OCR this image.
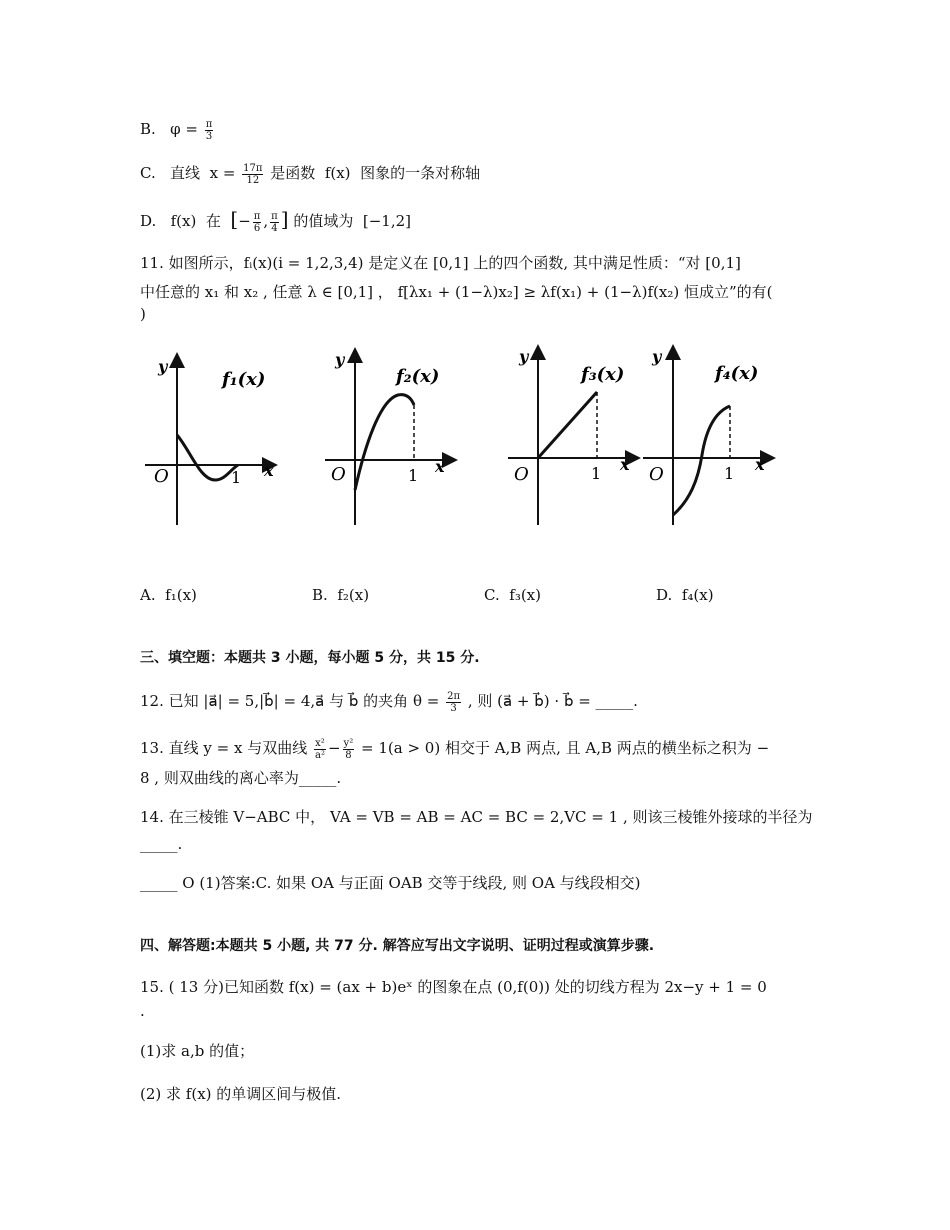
B. $\varphi = \frac{\pi}{3}$
C. 直线 $x = \frac{17\pi}{12}$ 是函数 f(x) 图象的一条对称轴
D. f(x) 在 [− $\frac{\pi}{6}$ , $\frac{\pi}{4}$ ] 的值域为 [−1,2]
11. 如图所示，fᵢ(x)(i = 1,2,3,4) 是定义在 [0,1] 上的四个函数, 其中满足性质：“对 [0,1]
中任意的 x₁ 和 x₂ , 任意 λ ∈ [0,1] ， f[λx₁ + (1−λ)x₂] ≥ λf(x₁) + (1−λ)f(x₂) 恒成立”的有(
)
y
x
O	1
f₁(x)
y
x
O	1
f₂(x)
y
x
O	1
f₃(x)
y
x
O	1
f₄(x)
A. f₁(x)	B. f₂(x)	C. f₃(x)	D. f₄(x)
三、填空题：本题共 3 小题，每小题 5 分，共 15 分.
12. 已知 |a⃗| = 5,|b⃗| = 4,a⃗ 与 b⃗ 的夹角 $\theta = \frac{2\pi}{3}$ , 则 (a⃗ + b⃗) · b⃗ = _____.
13. 直线 y = x 与双曲线 $\frac{\text{x²}}{\text{a²}} - \frac{\text{y²}}{8} = 1(a > 0)$ 相交于 A,B 两点, 且 A,B 两点的横坐标之积为 −
8 , 则双曲线的离心率为_____.
14. 在三棱锥 V−ABC 中， VA = VB = AB = AC = BC = 2,VC = 1 , 则该三棱锥外接球的半径为
_____.
_____ O (1)答案:C. 如果 OA 与正面 OAB 交等于线段, 则 OA 与线段相交)
四、解答题:本题共 5 小题, 共 77 分. 解答应写出文字说明、证明过程或演算步骤.
15. ( 13 分)已知函数 f(x) = (ax + b)eˣ 的图象在点 (0,f(0)) 处的切线方程为 2x−y + 1 = 0
.
(1)求 a,b 的值；
(2) 求 f(x) 的单调区间与极值.
